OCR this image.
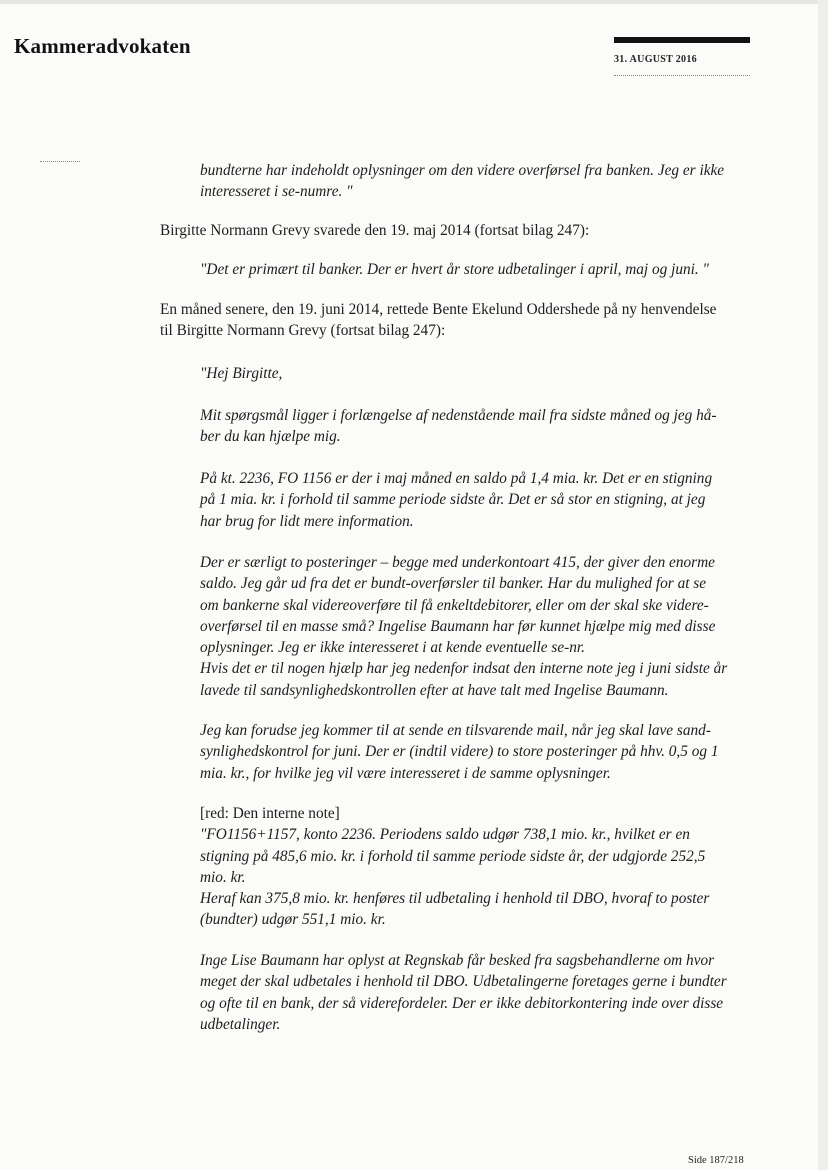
Kammeradvokaten
31. AUGUST 2016
bundterne har indeholdt oplysninger om den videre overførsel fra banken. Jeg er ikke
interesseret i se-numre. "
Birgitte Normann Grevy svarede den 19. maj 2014 (fortsat bilag 247):
"Det er primært til banker. Der er hvert år store udbetalinger i april, maj og juni. "
En måned senere, den 19. juni 2014, rettede Bente Ekelund Oddershede på ny henvendelse
til Birgitte Normann Grevy (fortsat bilag 247):
"Hej Birgitte,
Mit spørgsmål ligger i forlængelse af nedenstående mail fra sidste måned og jeg hå-
ber du kan hjælpe mig.
På kt. 2236, FO 1156 er der i maj måned en saldo på 1,4 mia. kr. Det er en stigning
på 1 mia. kr. i forhold til samme periode sidste år. Det er så stor en stigning, at jeg
har brug for lidt mere information.
Der er særligt to posteringer – begge med underkontoart 415, der giver den enorme
saldo. Jeg går ud fra det er bundt-overførsler til banker. Har du mulighed for at se
om bankerne skal videreoverføre til få enkeltdebitorer, eller om der skal ske videre-
overførsel til en masse små? Ingelise Baumann har før kunnet hjælpe mig med disse
oplysninger. Jeg er ikke interesseret i at kende eventuelle se-nr.
Hvis det er til nogen hjælp har jeg nedenfor indsat den interne note jeg i juni sidste år
lavede til sandsynlighedskontrollen efter at have talt med Ingelise Baumann.
Jeg kan forudse jeg kommer til at sende en tilsvarende mail, når jeg skal lave sand-
synlighedskontrol for juni. Der er (indtil videre) to store posteringer på hhv. 0,5 og 1
mia. kr., for hvilke jeg vil være interesseret i de samme oplysninger.
[red: Den interne note]
"FO1156+1157, konto 2236. Periodens saldo udgør 738,1 mio. kr., hvilket er en
stigning på 485,6 mio. kr. i forhold til samme periode sidste år, der udgjorde 252,5
mio. kr.
Heraf kan 375,8 mio. kr. henføres til udbetaling i henhold til DBO, hvoraf to poster
(bundter) udgør 551,1 mio. kr.
Inge Lise Baumann har oplyst at Regnskab får besked fra sagsbehandlerne om hvor
meget der skal udbetales i henhold til DBO. Udbetalingerne foretages gerne i bundter
og ofte til en bank, der så viderefordeler. Der er ikke debitorkontering inde over disse
udbetalinger.
Side 187/218
